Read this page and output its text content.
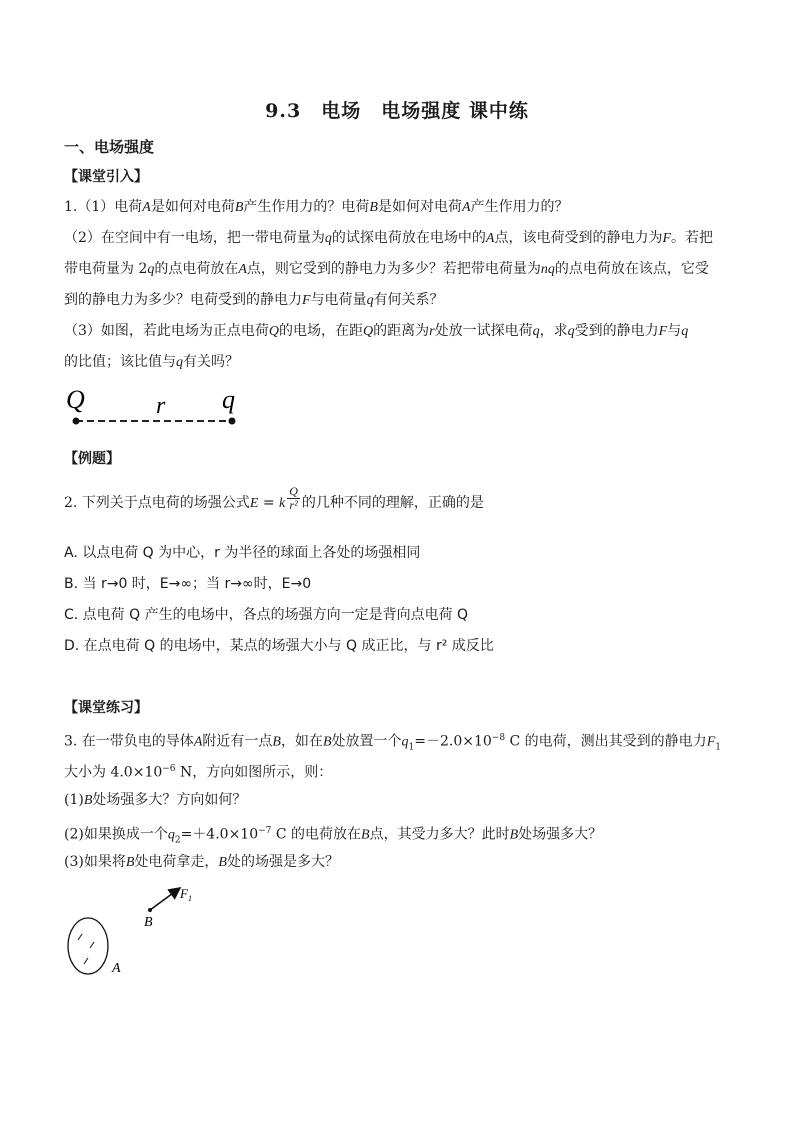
9.3　电场　电场强度 课中练
一、电场强度
【课堂引入】
1.（1）电荷A是如何对电荷B产生作用力的？电荷B是如何对电荷A产生作用力的？
（2）在空间中有一电场，把一带电荷量为q的试探电荷放在电场中的A点，该电荷受到的静电力为F。若把
带电荷量为 2q的点电荷放在A点，则它受到的静电力为多少？若把带电荷量为nq的点电荷放在该点，它受
到的静电力为多少？电荷受到的静电力F与电荷量q有何关系？
（3）如图，若此电场为正点电荷Q的电场，在距Q的距离为r处放一试探电荷q，求q受到的静电力F与q
的比值；该比值与q有关吗？
Q	r q
【例题】
2. 下列关于点电荷的场强公式E = k $\frac{Q}{\text{r²}}$ 的几种不同的理解，正确的是
A. 以点电荷 Q 为中心，r 为半径的球面上各处的场强相同
B. 当 r→0 时，E→∞；当 r→∞时，E→0
C. 点电荷 Q 产生的电场中，各点的场强方向一定是背向点电荷 Q
D. 在点电荷 Q 的电场中，某点的场强大小与 Q 成正比，与 r² 成反比
【课堂练习】
3. 在一带负电的导体A附近有一点B，如在B处放置一个$q_1=-2.0\times 10^{-8}$ C 的电荷，测出其受到的静电力$F_1$
大小为 $4.0\times 10^{-6}$ N，方向如图所示，则：
(1)B处场强多大？方向如何？
(2)如果换成一个$q_2=+4.0\times 10^{-7}$ C 的电荷放在B点，其受力多大？此时B处场强多大？
(3)如果将B处电荷拿走，B处的场强是多大？
$F_1$
B
A
